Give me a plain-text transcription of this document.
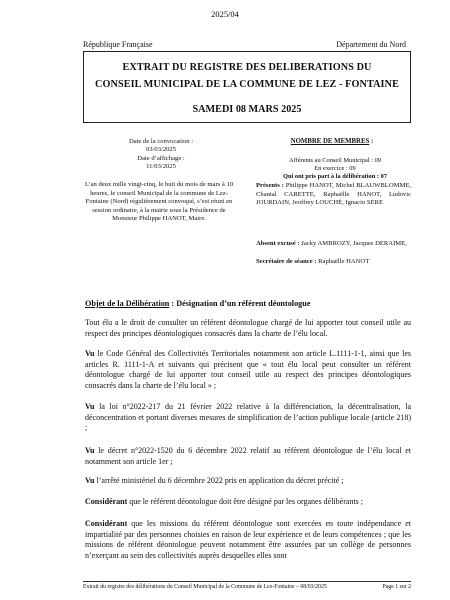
2025/04
République Française	Département du Nord
EXTRAIT DU REGISTRE DES DELIBERATIONS DU
CONSEIL MUNICIPAL DE LA COMMUNE DE LEZ - FONTAINE
SAMEDI 08 MARS 2025
Date de la convocation :
03/03/2025
Date d’affichage :
11/03/2025
NOMBRE DE MEMBRES :
Afférents au Conseil Municipal : 09
En exercice : 09
Qui ont pris part à la délibération : 07
L’an deux mille vingt-cinq, le huit du mois de mars à 10 heures, le conseil Municipal de la commune de Lez-Fontaine (Nord) régulièrement convoqué, s’est réuni en session ordinaire, à la mairie sous la Présidence de Monsieur Philippe HANOT, Maire.
Présents : Philippe HANOT, Michel BLAUWBLOMME, Chantal CARETTE, Raphaëlle HANOT, Ludovic JOURDAIN, Jeoffrey LOUCHÉ, Ignacio SERE
Absent excusé : Jacky AMBROZY, Jacques DERAIME,
Secrétaire de séance : Raphaëlle HANOT
Objet de la Délibération : Désignation d’un référent déontologue
Tout élu a le droit de consulter un référent déontologue chargé de lui apporter tout conseil utile au respect des principes déontologiques consacrés dans la charte de l’élu local.
Vu le Code Général des Collectivités Territoriales notamment son article L.1111-1-1, ainsi que les articles R. 1111-1-A et suivants qui précisent que « tout élu local peut consulter un référent déontologue chargé de lui apporter tout conseil utile au respect des principes déontologiques consacrés dans la charte de l’élu local » ;
Vu la loi n°2022-217 du 21 février 2022 relative à la différenciation, la décentralisation, la déconcentration et portant diverses mesures de simplification de l’action publique locale (article 218) ;
Vu le décret n°2022-1520 du 6 décembre 2022 relatif au référent déontologue de l’élu local et notamment son article 1er ;
Vu l’arrêté ministériel du 6 décembre 2022 pris en application du décret précité ;
Considérant que le référent déontologue doit être désigné par les organes délibérants ;
Considérant que les missions du référent déontologue sont exercées en toute indépendance et impartialité par des personnes choisies en raison de leur expérience et de leurs compétences ; que les missions de référent déontologue peuvent notamment être assurées par un collège de personnes n’exerçant au sein des collectivités auprès desquelles elles sont
Extrait du registre des délibérations du Conseil Municipal de la Commune de Lez-Fontaine – 08/03/2025	Page 1 sur 2
